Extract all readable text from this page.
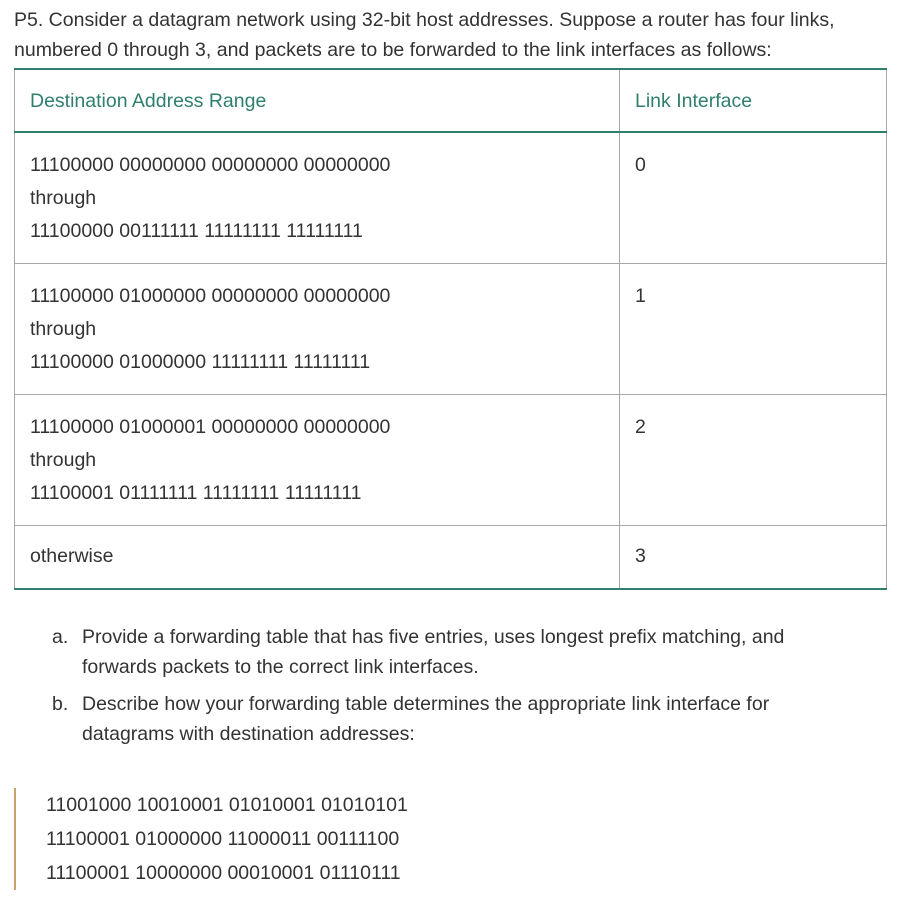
P5. Consider a datagram network using 32-bit host addresses. Suppose a router has four links,
numbered 0 through 3, and packets are to be forwarded to the link interfaces as follows:
Destination Address Range	Link Interface

11100000 00000000 00000000 00000000
through
11100000 00111111 11111111 11111111	0

11100000 01000000 00000000 00000000
through
11100000 01000000 11111111 11111111	1

11100000 01000001 00000000 00000000
through
11100001 01111111 11111111 11111111	2
otherwise	3
a. Provide a forwarding table that has five entries, uses longest prefix matching, and
forwards packets to the correct link interfaces.
b. Describe how your forwarding table determines the appropriate link interface for
datagrams with destination addresses:
11001000 10010001 01010001 01010101
11100001 01000000 11000011 00111100
11100001 10000000 00010001 01110111
